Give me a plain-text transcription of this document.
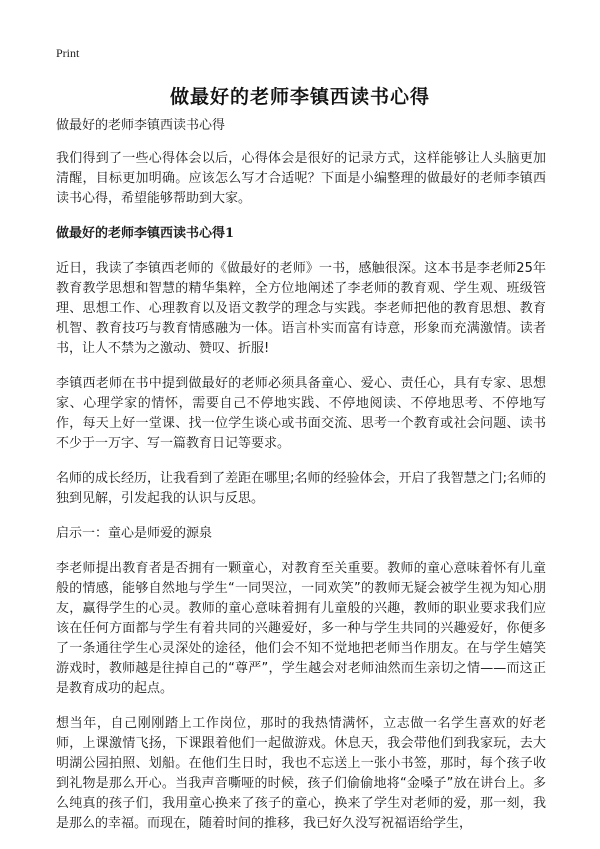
Print
做最好的老师李镇西读书心得
做最好的老师李镇西读书心得

我们得到了一些心得体会以后，心得体会是很好的记录方式，这样能够让人头脑更加清醒，目标更加明确。应该怎么写才合适呢？下面是小编整理的做最好的老师李镇西读书心得，希望能够帮助到大家。

做最好的老师李镇西读书心得1

近日，我读了李镇西老师的《做最好的老师》一书，感触很深。这本书是李老师25年教育教学思想和智慧的精华集粹，全方位地阐述了李老师的教育观、学生观、班级管理、思想工作、心理教育以及语文教学的理念与实践。李老师把他的教育思想、教育机智、教育技巧与教育情感融为一体。语言朴实而富有诗意，形象而充满激情。读者书，让人不禁为之激动、赞叹、折服!

李镇西老师在书中提到做最好的老师必须具备童心、爱心、责任心，具有专家、思想家、心理学家的情怀，需要自己不停地实践、不停地阅读、不停地思考、不停地写作，每天上好一堂课、找一位学生谈心或书面交流、思考一个教育或社会问题、读书不少于一万字、写一篇教育日记等要求。

名师的成长经历，让我看到了差距在哪里;名师的经验体会，开启了我智慧之门;名师的独到见解，引发起我的认识与反思。

启示一：童心是师爱的源泉

李老师提出教育者是否拥有一颗童心，对教育至关重要。教师的童心意味着怀有儿童般的情感，能够自然地与学生“一同哭泣，一同欢笑”的教师无疑会被学生视为知心朋友，赢得学生的心灵。教师的童心意味着拥有儿童般的兴趣，教师的职业要求我们应该在任何方面都与学生有着共同的兴趣爱好，多一种与学生共同的兴趣爱好，你便多了一条通往学生心灵深处的途径，他们会不知不觉地把老师当作朋友。在与学生嬉笑游戏时，教师越是往掉自己的“尊严”，学生越会对老师油然而生亲切之情——而这正是教育成功的起点。

想当年，自己刚刚踏上工作岗位，那时的我热情满怀，立志做一名学生喜欢的好老师，上课激情飞扬，下课跟着他们一起做游戏。休息天，我会带他们到我家玩，去大明湖公园拍照、划船。在他们生日时，我也不忘送上一张小书签，那时，每个孩子收到礼物是那么开心。当我声音嘶哑的时候，孩子们偷偷地将“金嗓子”放在讲台上。多么纯真的孩子们，我用童心换来了孩子的童心，换来了学生对老师的爱，那一刻，我是那么的幸福。而现在，随着时间的推移，我已好久没写祝福语给学生，
